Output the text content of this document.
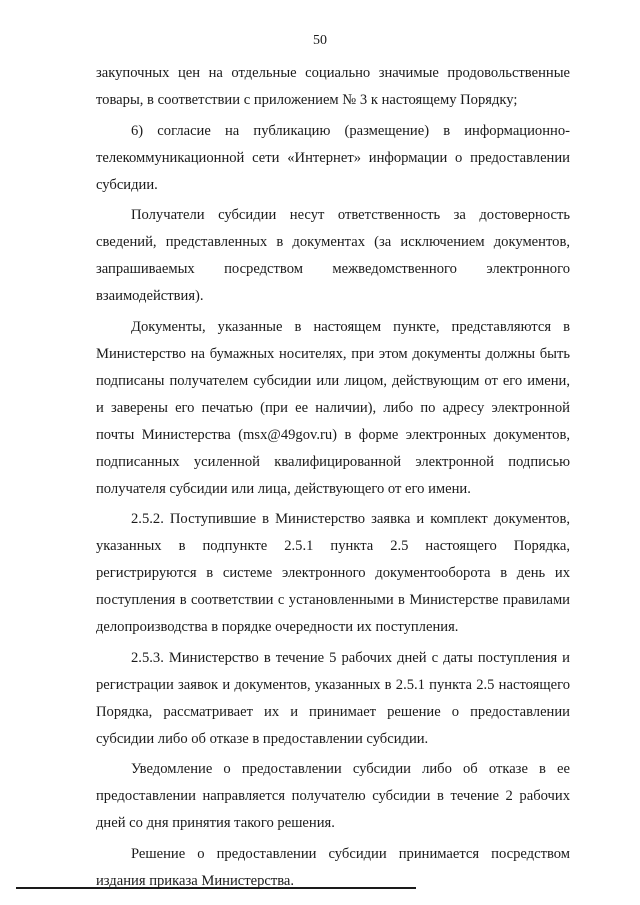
50

закупочных цен на отдельные социально значимые продовольственные товары, в соответствии с приложением № 3 к настоящему Порядку;

6) согласие на публикацию (размещение) в информационно-телекоммуникационной сети «Интернет» информации о предоставлении субсидии.

Получатели субсидии несут ответственность за достоверность сведений, представленных в документах (за исключением документов, запрашиваемых посредством межведомственного электронного взаимодействия).

Документы, указанные в настоящем пункте, представляются в Министерство на бумажных носителях, при этом документы должны быть подписаны получателем субсидии или лицом, действующим от его имени, и заверены его печатью (при ее наличии), либо по адресу электронной почты Министерства (msx@49gov.ru) в форме электронных документов, подписанных усиленной квалифицированной электронной подписью получателя субсидии или лица, действующего от его имени.

2.5.2. Поступившие в Министерство заявка и комплект документов, указанных в подпункте 2.5.1 пункта 2.5 настоящего Порядка, регистрируются в системе электронного документооборота в день их поступления в соответствии с установленными в Министерстве правилами делопроизводства в порядке очередности их поступления.

2.5.3. Министерство в течение 5 рабочих дней с даты поступления и регистрации заявок и документов, указанных в 2.5.1 пункта 2.5 настоящего Порядка, рассматривает их и принимает решение о предоставлении субсидии либо об отказе в предоставлении субсидии.

Уведомление о предоставлении субсидии либо об отказе в ее предоставлении направляется получателю субсидии в течение 2 рабочих дней со дня принятия такого решения.

Решение о предоставлении субсидии принимается посредством издания приказа Министерства.
